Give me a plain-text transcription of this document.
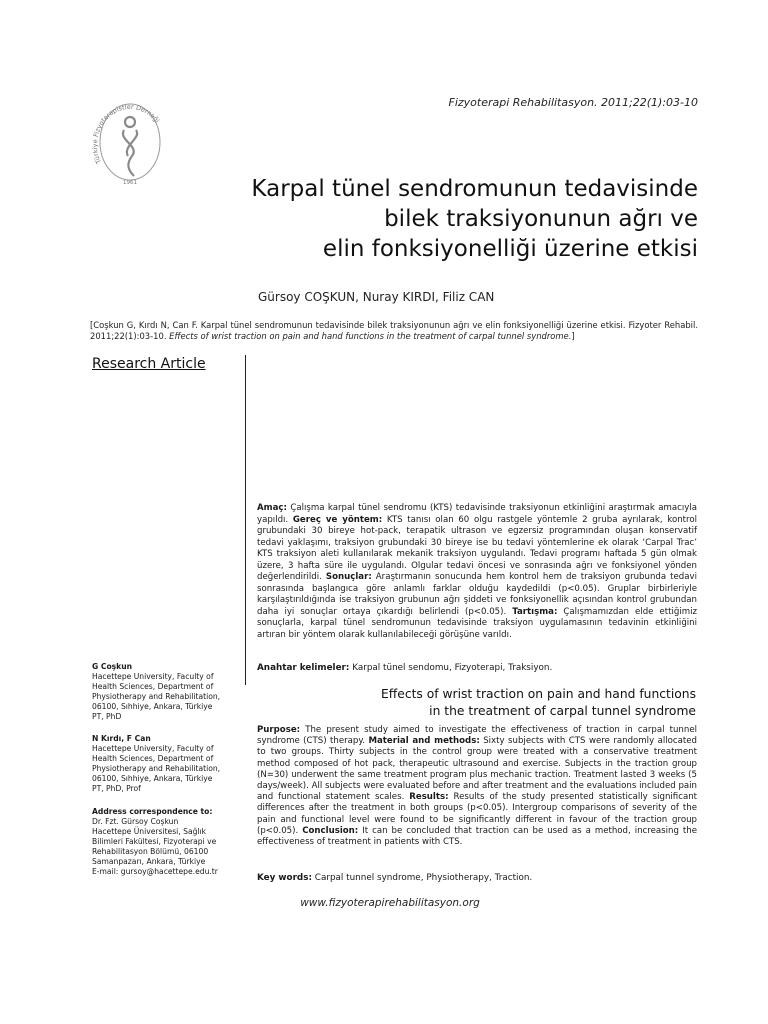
Türkiye Fizyoterapistler Derneği
1961
Fizyoterapi Rehabilitasyon. 2011;22(1):03-10
Karpal tünel sendromunun tedavisinde
bilek traksiyonunun ağrı ve
elin fonksiyonelliği üzerine etkisi
Gürsoy COŞKUN, Nuray KIRDI, Filiz CAN
[Coşkun G, Kırdı N, Can F. Karpal tünel sendromunun tedavisinde bilek traksiyonunun ağrı ve elin fonksiyonelliği üzerine etkisi. Fizyoter Rehabil. 2011;22(1):03-10. Effects of wrist traction on pain and hand functions in the treatment of carpal tunnel syndrome.]
Research Article
Amaç: Çalışma karpal tünel sendromu (KTS) tedavisinde traksiyonun etkinliğini araştırmak amacıyla yapıldı. Gereç ve yöntem: KTS tanısı olan 60 olgu rastgele yöntemle 2 gruba ayrılarak, kontrol grubundaki 30 bireye hot-pack, terapatik ultrason ve egzersiz programından oluşan konservatif tedavi yaklaşımı, traksiyon grubundaki 30 bireye ise bu tedavi yöntemlerine ek olarak ‘Carpal Trac’ KTS traksiyon aleti kullanılarak mekanik traksiyon uygulandı. Tedavi programı haftada 5 gün olmak üzere, 3 hafta süre ile uygulandı. Olgular tedavi öncesi ve sonrasında ağrı ve fonksiyonel yönden değerlendirildi. Sonuçlar: Araştırmanın sonucunda hem kontrol hem de traksiyon grubunda tedavi sonrasında başlangıca göre anlamlı farklar olduğu kaydedildi (p<0.05). Gruplar birbirleriyle karşılaştırıldığında ise traksiyon grubunun ağrı şiddeti ve fonksiyonellik açısından kontrol grubundan daha iyi sonuçlar ortaya çıkardığı belirlendi (p<0.05). Tartışma: Çalışmamızdan elde ettiğimiz sonuçlarla, karpal tünel sendromunun tedavisinde traksiyon uygulamasının tedavinin etkinliğini artıran bir yöntem olarak kullanılabileceği görüşüne varıldı.
Anahtar kelimeler: Karpal tünel sendomu, Fizyoterapi, Traksiyon.
Effects of wrist traction on pain and hand functions
in the treatment of carpal tunnel syndrome
Purpose: The present study aimed to investigate the effectiveness of traction in carpal tunnel syndrome (CTS) therapy. Material and methods: Sixty subjects with CTS were randomly allocated to two groups. Thirty subjects in the control group were treated with a conservative treatment method composed of hot pack, therapeutic ultrasound and exercise. Subjects in the traction group (N=30) underwent the same treatment program plus mechanic traction. Treatment lasted 3 weeks (5 days/week). All subjects were evaluated before and after treatment and the evaluations included pain and functional statement scales. Results: Results of the study presented statistically significant differences after the treatment in both groups (p<0.05). Intergroup comparisons of severity of the pain and functional level were found to be significantly different in favour of the traction group (p<0.05). Conclusion: It can be concluded that traction can be used as a method, increasing the effectiveness of treatment in patients with CTS.
Key words: Carpal tunnel syndrome, Physiotherapy, Traction.
G Coşkun
Hacettepe University, Faculty of
Health Sciences, Department of
Physiotherapy and Rehabilitation,
06100, Sıhhiye, Ankara, Türkiye
PT, PhD
N Kırdı, F Can
Hacettepe University, Faculty of
Health Sciences, Department of
Physiotherapy and Rehabilitation,
06100, Sıhhiye, Ankara, Türkiye
PT, PhD, Prof
Address correspondence to:
Dr. Fzt. Gürsoy Coşkun
Hacettepe Üniversitesi, Sağlık
Bilimleri Fakültesi, Fizyoterapi ve
Rehabilitasyon Bölümü, 06100
Samanpazarı, Ankara, Türkiye
E-mail: gursoy@hacettepe.edu.tr
www.fizyoterapirehabilitasyon.org
